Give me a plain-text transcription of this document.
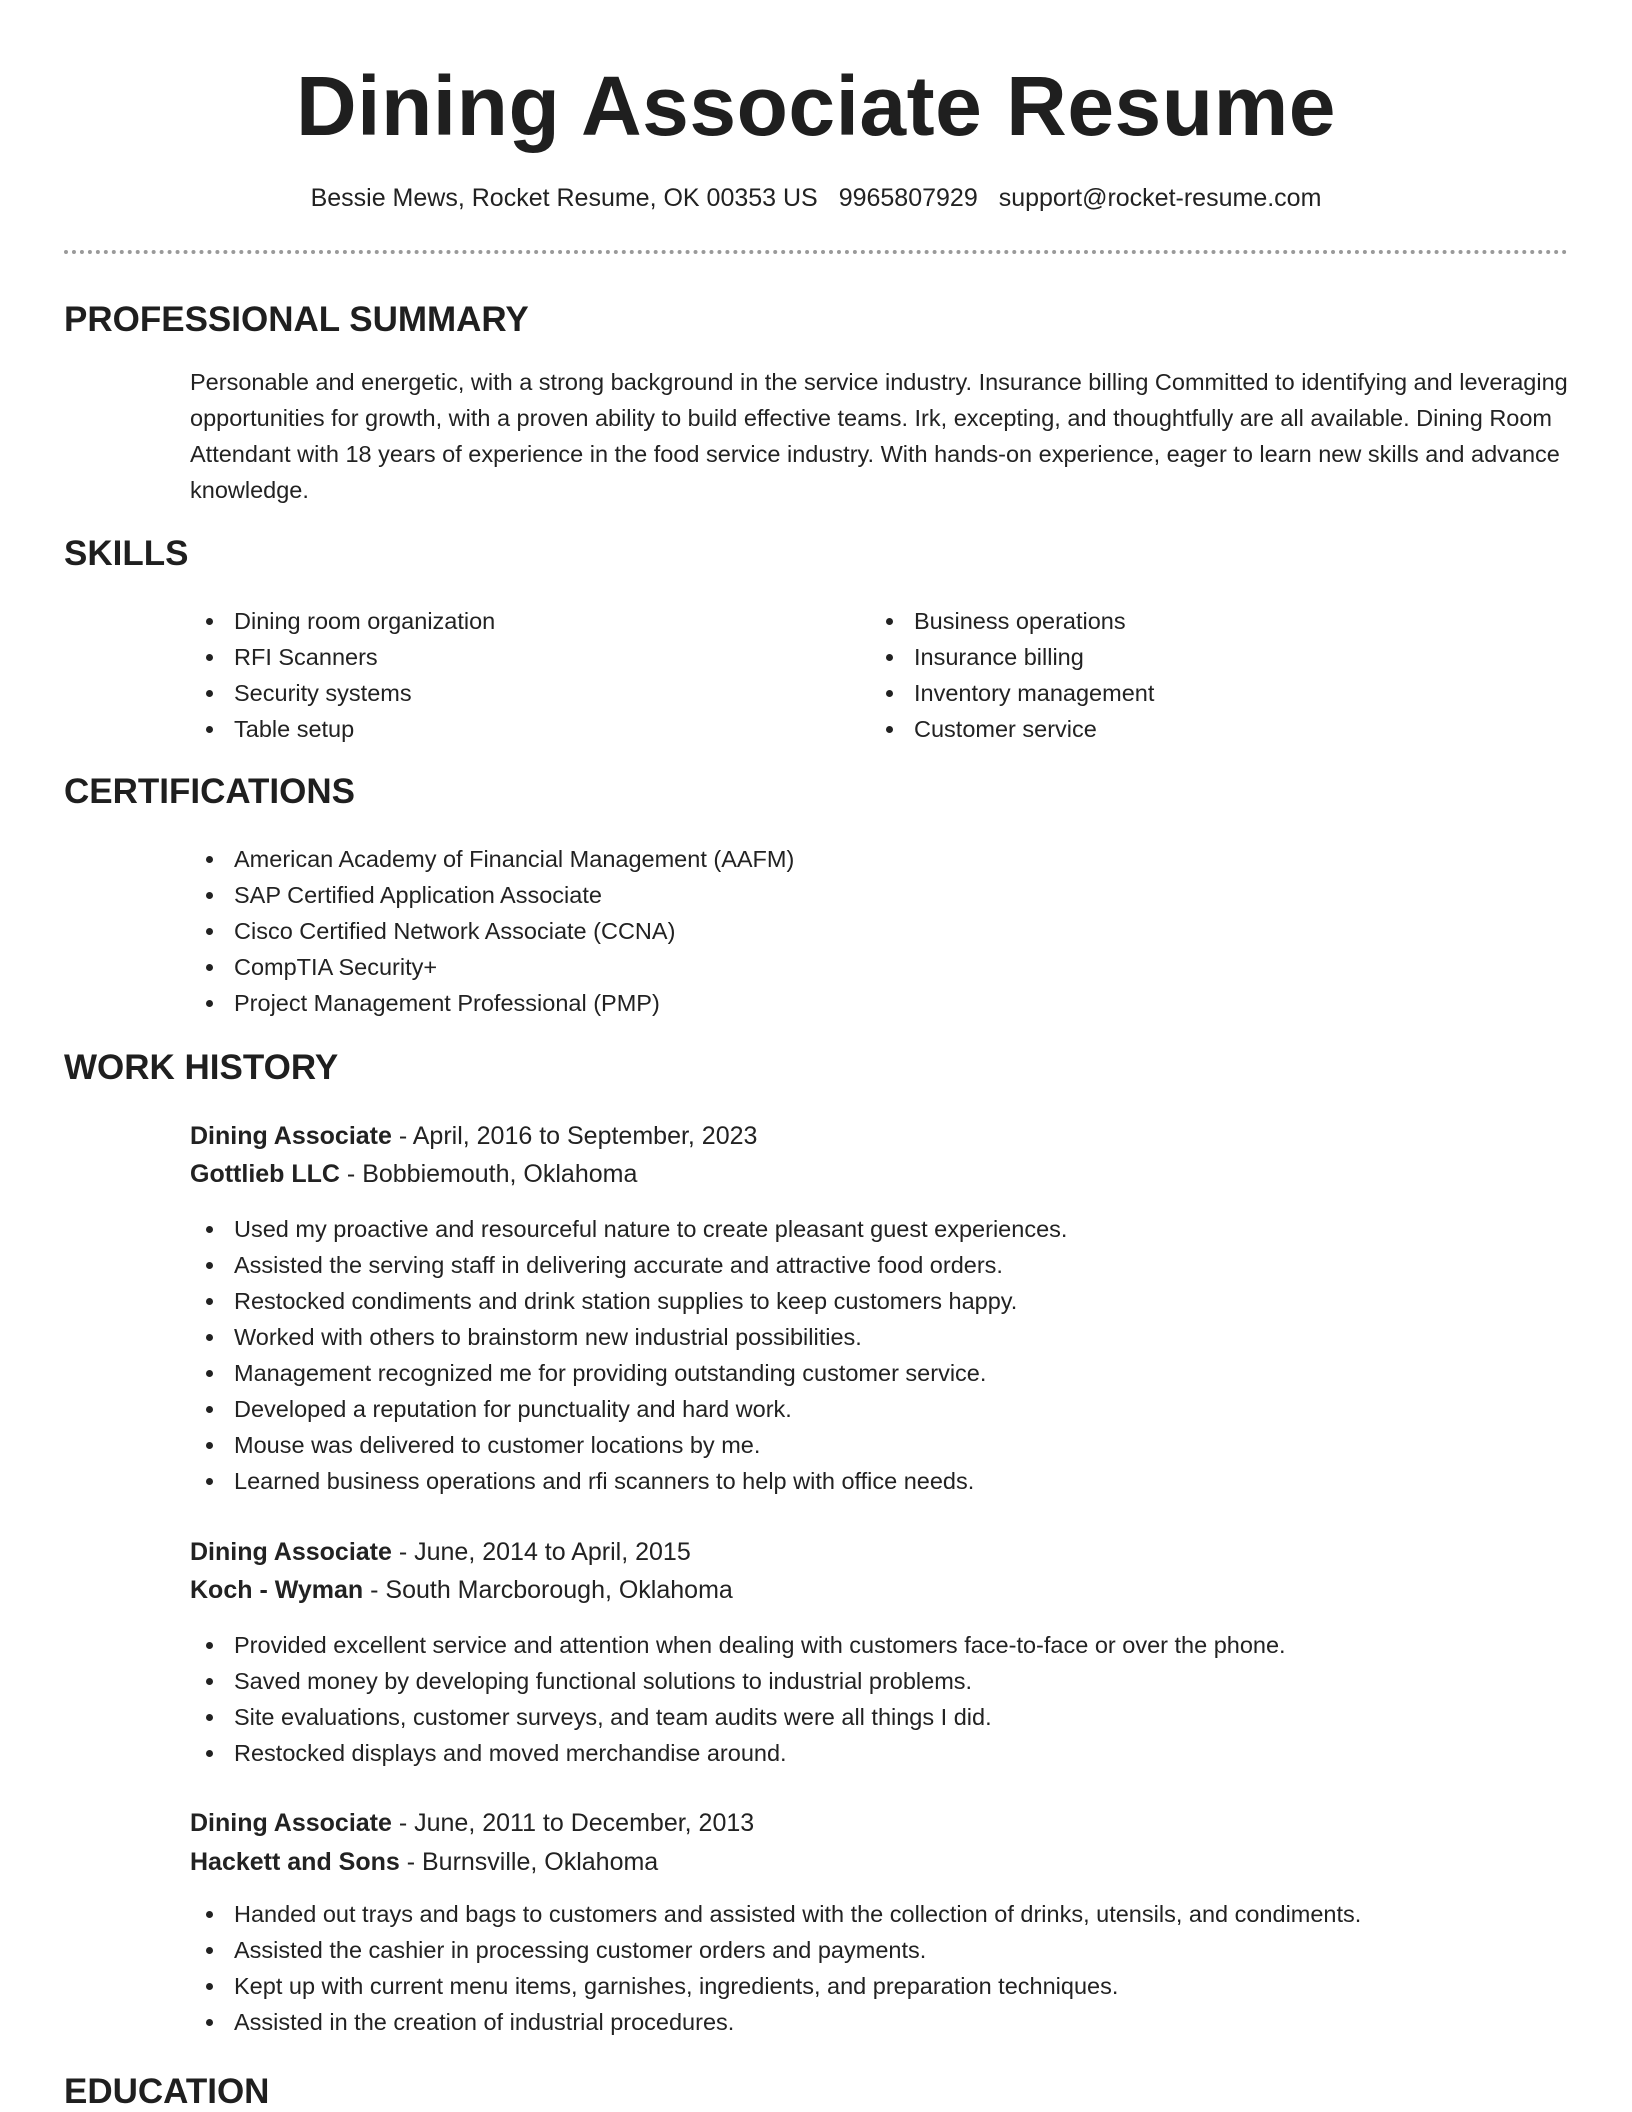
Dining Associate Resume
Bessie Mews, Rocket Resume, OK 00353 US 9965807929 support@rocket-resume.com
PROFESSIONAL SUMMARY

Personable and energetic, with a strong background in the service industry. Insurance billing Committed to identifying and leveraging opportunities for growth, with a proven ability to build effective teams. Irk, excepting, and thoughtfully are all available. Dining Room Attendant with 18 years of experience in the food service industry. With hands-on experience, eager to learn new skills and advance knowledge.

SKILLS
Dining room organization
RFI Scanners
Security systems
Table setup
Business operations
Insurance billing
Inventory management
Customer service
CERTIFICATIONS
American Academy of Financial Management (AAFM)
SAP Certified Application Associate
Cisco Certified Network Associate (CCNA)
CompTIA Security+
Project Management Professional (PMP)
WORK HISTORY
Dining Associate - April, 2016 to September, 2023
Gottlieb LLC - Bobbiemouth, Oklahoma
Used my proactive and resourceful nature to create pleasant guest experiences.
Assisted the serving staff in delivering accurate and attractive food orders.
Restocked condiments and drink station supplies to keep customers happy.
Worked with others to brainstorm new industrial possibilities.
Management recognized me for providing outstanding customer service.
Developed a reputation for punctuality and hard work.
Mouse was delivered to customer locations by me.
Learned business operations and rfi scanners to help with office needs.
Dining Associate - June, 2014 to April, 2015
Koch - Wyman - South Marcborough, Oklahoma
Provided excellent service and attention when dealing with customers face-to-face or over the phone.
Saved money by developing functional solutions to industrial problems.
Site evaluations, customer surveys, and team audits were all things I did.
Restocked displays and moved merchandise around.
Dining Associate - June, 2011 to December, 2013
Hackett and Sons - Burnsville, Oklahoma
Handed out trays and bags to customers and assisted with the collection of drinks, utensils, and condiments.
Assisted the cashier in processing customer orders and payments.
Kept up with current menu items, garnishes, ingredients, and preparation techniques.
Assisted in the creation of industrial procedures.
EDUCATION
